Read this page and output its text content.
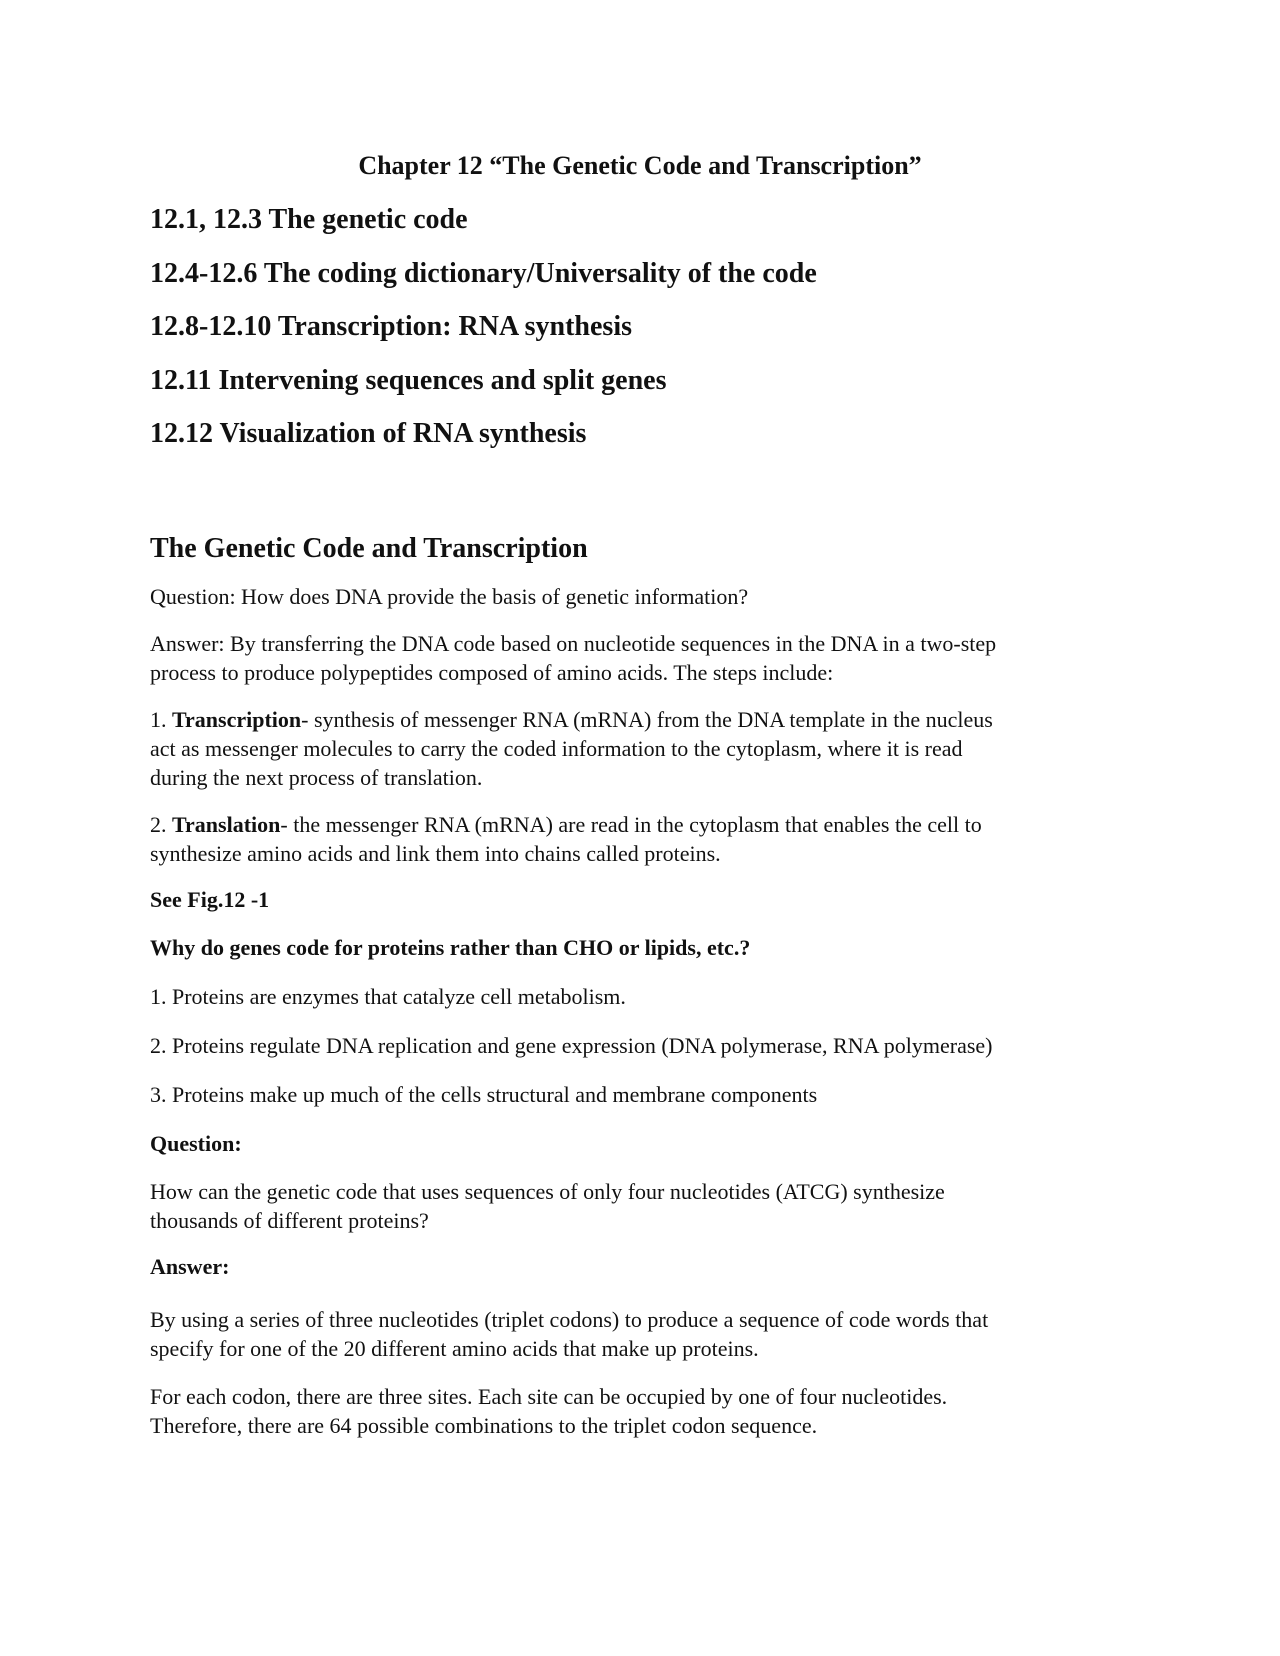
Chapter 12 “The Genetic Code and Transcription”
12.1, 12.3 The genetic code
12.4-12.6 The coding dictionary/Universality of the code
12.8-12.10 Transcription: RNA synthesis
12.11 Intervening sequences and split genes
12.12 Visualization of RNA synthesis
The Genetic Code and Transcription
Question: How does DNA provide the basis of genetic information?
Answer: By transferring the DNA code based on nucleotide sequences in the DNA in a two-step
process to produce polypeptides composed of amino acids. The steps include:
1. Transcription- synthesis of messenger RNA (mRNA) from the DNA template in the nucleus
act as messenger molecules to carry the coded information to the cytoplasm, where it is read
during the next process of translation.
2. Translation- the messenger RNA (mRNA) are read in the cytoplasm that enables the cell to
synthesize amino acids and link them into chains called proteins.
See Fig.12 -1
Why do genes code for proteins rather than CHO or lipids, etc.?
1. Proteins are enzymes that catalyze cell metabolism.
2. Proteins regulate DNA replication and gene expression (DNA polymerase, RNA polymerase)
3. Proteins make up much of the cells structural and membrane components
Question:
How can the genetic code that uses sequences of only four nucleotides (ATCG) synthesize
thousands of different proteins?
Answer:
By using a series of three nucleotides (triplet codons) to produce a sequence of code words that
specify for one of the 20 different amino acids that make up proteins.
For each codon, there are three sites. Each site can be occupied by one of four nucleotides.
Therefore, there are 64 possible combinations to the triplet codon sequence.
